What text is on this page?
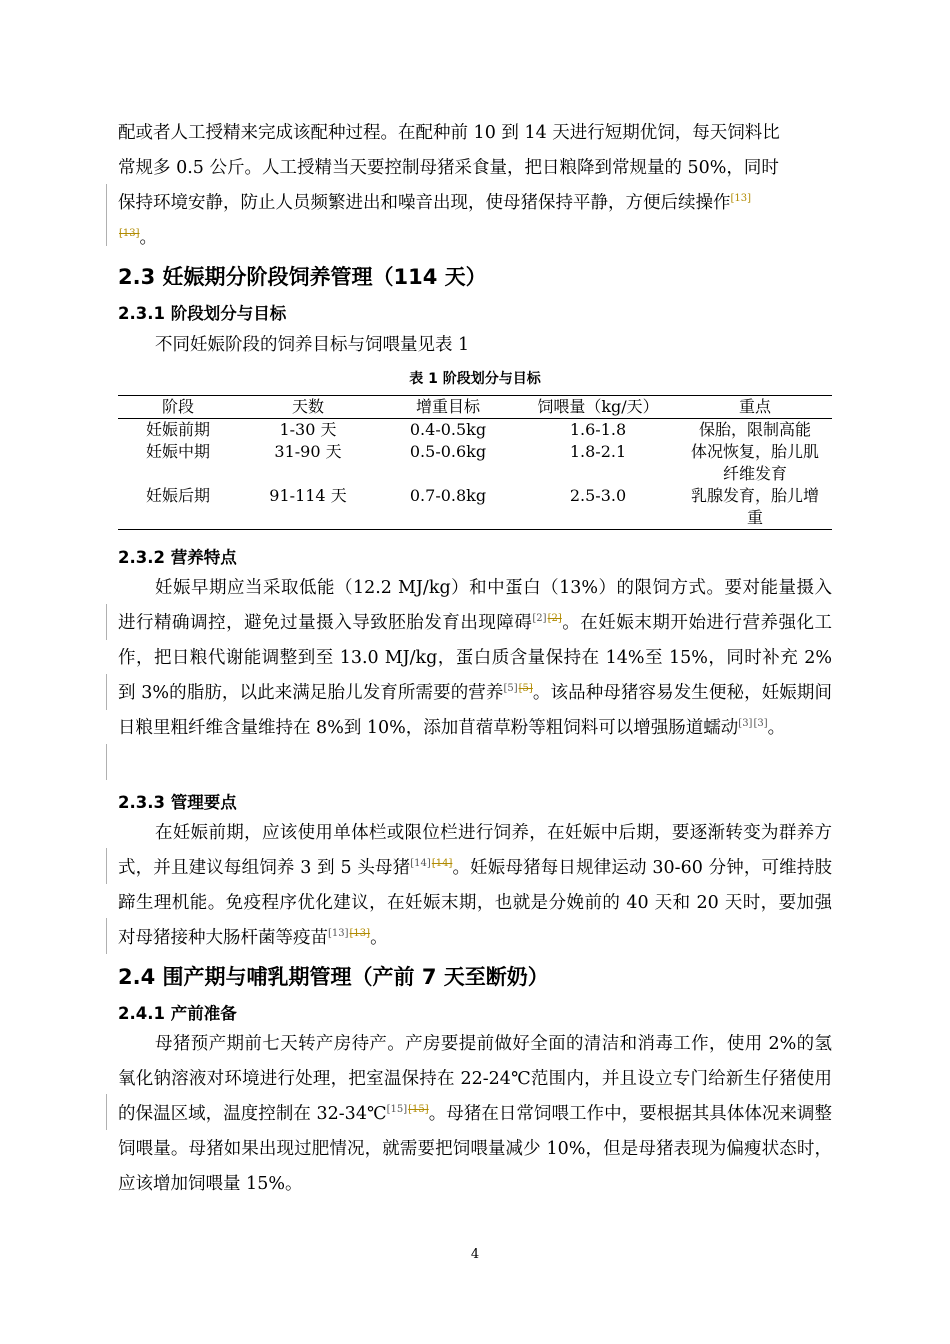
配或者人工授精来完成该配种过程。在配种前 10 到 14 天进行短期优饲，每天饲料比
常规多 0.5 公斤。人工授精当天要控制母猪采食量，把日粮降到常规量的 50%，同时
保持环境安静，防止人员频繁进出和噪音出现，使母猪保持平静，方便后续操作[13]
[13]。
2.3 妊娠期分阶段饲养管理（114 天）
2.3.1 阶段划分与目标
不同妊娠阶段的饲养目标与饲喂量见表 1
表 1 阶段划分与目标
阶段	天数	增重目标	饲喂量（kg/天）	重点
妊娠前期	1-30 天	0.4-0.5kg	1.6-1.8	保胎，限制高能
妊娠中期	31-90 天	0.5-0.6kg	1.8-2.1	体况恢复，胎儿肌纤维发育
妊娠后期	91-114 天	0.7-0.8kg	2.5-3.0	乳腺发育，胎儿增重
2.3.2 营养特点
妊娠早期应当采取低能（12.2 MJ/kg）和中蛋白（13%）的限饲方式。要对能量摄入进行精确调控，避免过量摄入导致胚胎发育出现障碍[2][2]。在妊娠末期开始进行营养强化工作，把日粮代谢能调整到至 13.0 MJ/kg，蛋白质含量保持在 14%至 15%，同时补充 2%到 3%的脂肪，以此来满足胎儿发育所需要的营养[5][5]。该品种母猪容易发生便秘，妊娠期间日粮里粗纤维含量维持在 8%到 10%，添加苜蓿草粉等粗饲料可以增强肠道蠕动[3][3]。
2.3.3 管理要点
在妊娠前期，应该使用单体栏或限位栏进行饲养，在妊娠中后期，要逐渐转变为群养方式，并且建议每组饲养 3 到 5 头母猪[14][14]。妊娠母猪每日规律运动 30-60 分钟，可维持肢蹄生理机能。免疫程序优化建议，在妊娠末期，也就是分娩前的 40 天和 20 天时，要加强对母猪接种大肠杆菌等疫苗[13][13]。
2.4 围产期与哺乳期管理（产前 7 天至断奶）
2.4.1 产前准备
母猪预产期前七天转产房待产。产房要提前做好全面的清洁和消毒工作，使用 2%的氢氧化钠溶液对环境进行处理，把室温保持在 22-24℃范围内，并且设立专门给新生仔猪使用的保温区域，温度控制在 32-34℃[15][15]。母猪在日常饲喂工作中，要根据其具体体况来调整饲喂量。母猪如果出现过肥情况，就需要把饲喂量减少 10%，但是母猪表现为偏瘦状态时，应该增加饲喂量 15%。
4
